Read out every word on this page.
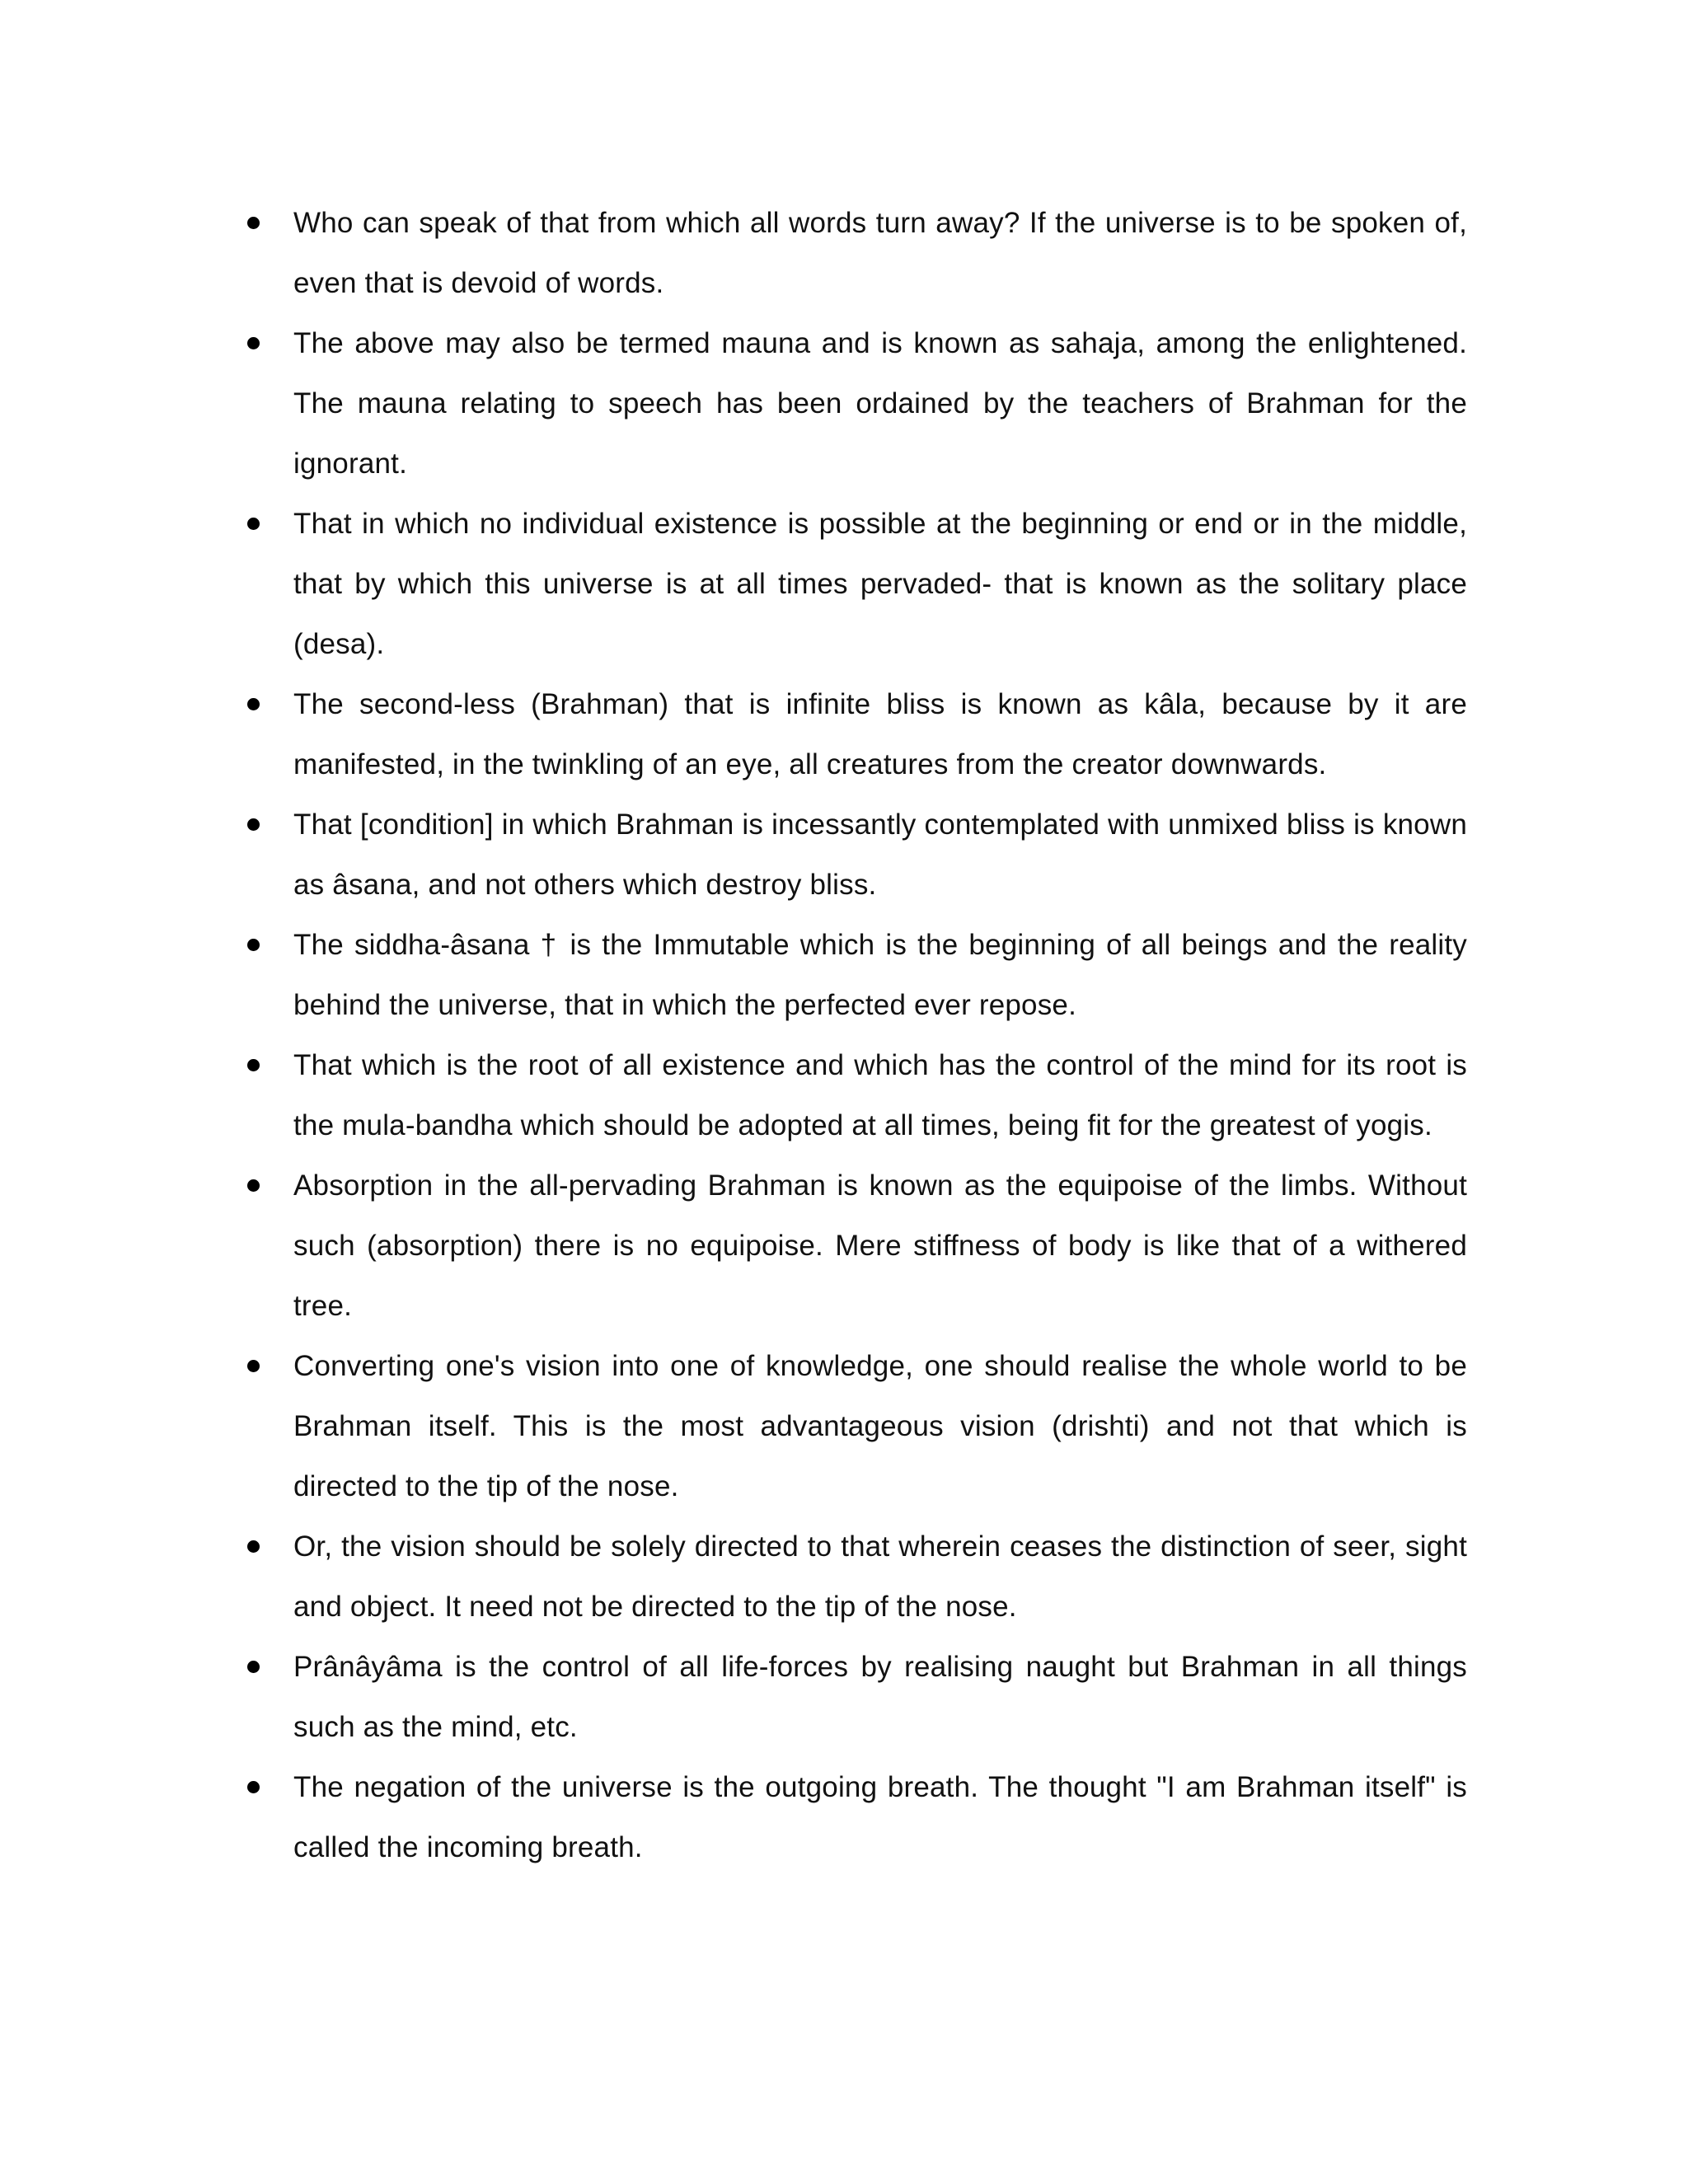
Who can speak of that from which all words turn away? If the universe is to be spoken of, even that is devoid of words.
The above may also be termed mauna and is known as sahaja, among the enlightened. The mauna relating to speech has been ordained by the teachers of Brahman for the ignorant.
That in which no individual existence is possible at the beginning or end or in the middle, that by which this universe is at all times pervaded- that is known as the solitary place (desa).
The second-less (Brahman) that is infinite bliss is known as kâla, because by it are manifested, in the twinkling of an eye, all creatures from the creator downwards.
That [condition] in which Brahman is incessantly contemplated with unmixed bliss is known as âsana, and not others which destroy bliss.
The siddha-âsana † is the Immutable which is the beginning of all beings and the reality behind the universe, that in which the perfected ever repose.
That which is the root of all existence and which has the control of the mind for its root is the mula-bandha which should be adopted at all times, being fit for the greatest of yogis.
Absorption in the all-pervading Brahman is known as the equipoise of the limbs. Without such (absorption) there is no equipoise. Mere stiffness of body is like that of a withered tree.
Converting one's vision into one of knowledge, one should realise the whole world to be Brahman itself. This is the most advantageous vision (drishti) and not that which is directed to the tip of the nose.
Or, the vision should be solely directed to that wherein ceases the distinction of seer, sight and object. It need not be directed to the tip of the nose.
Prânâyâma is the control of all life-forces by realising naught but Brahman in all things such as the mind, etc.
The negation of the universe is the outgoing breath. The thought "I am Brahman itself" is called the incoming breath.
